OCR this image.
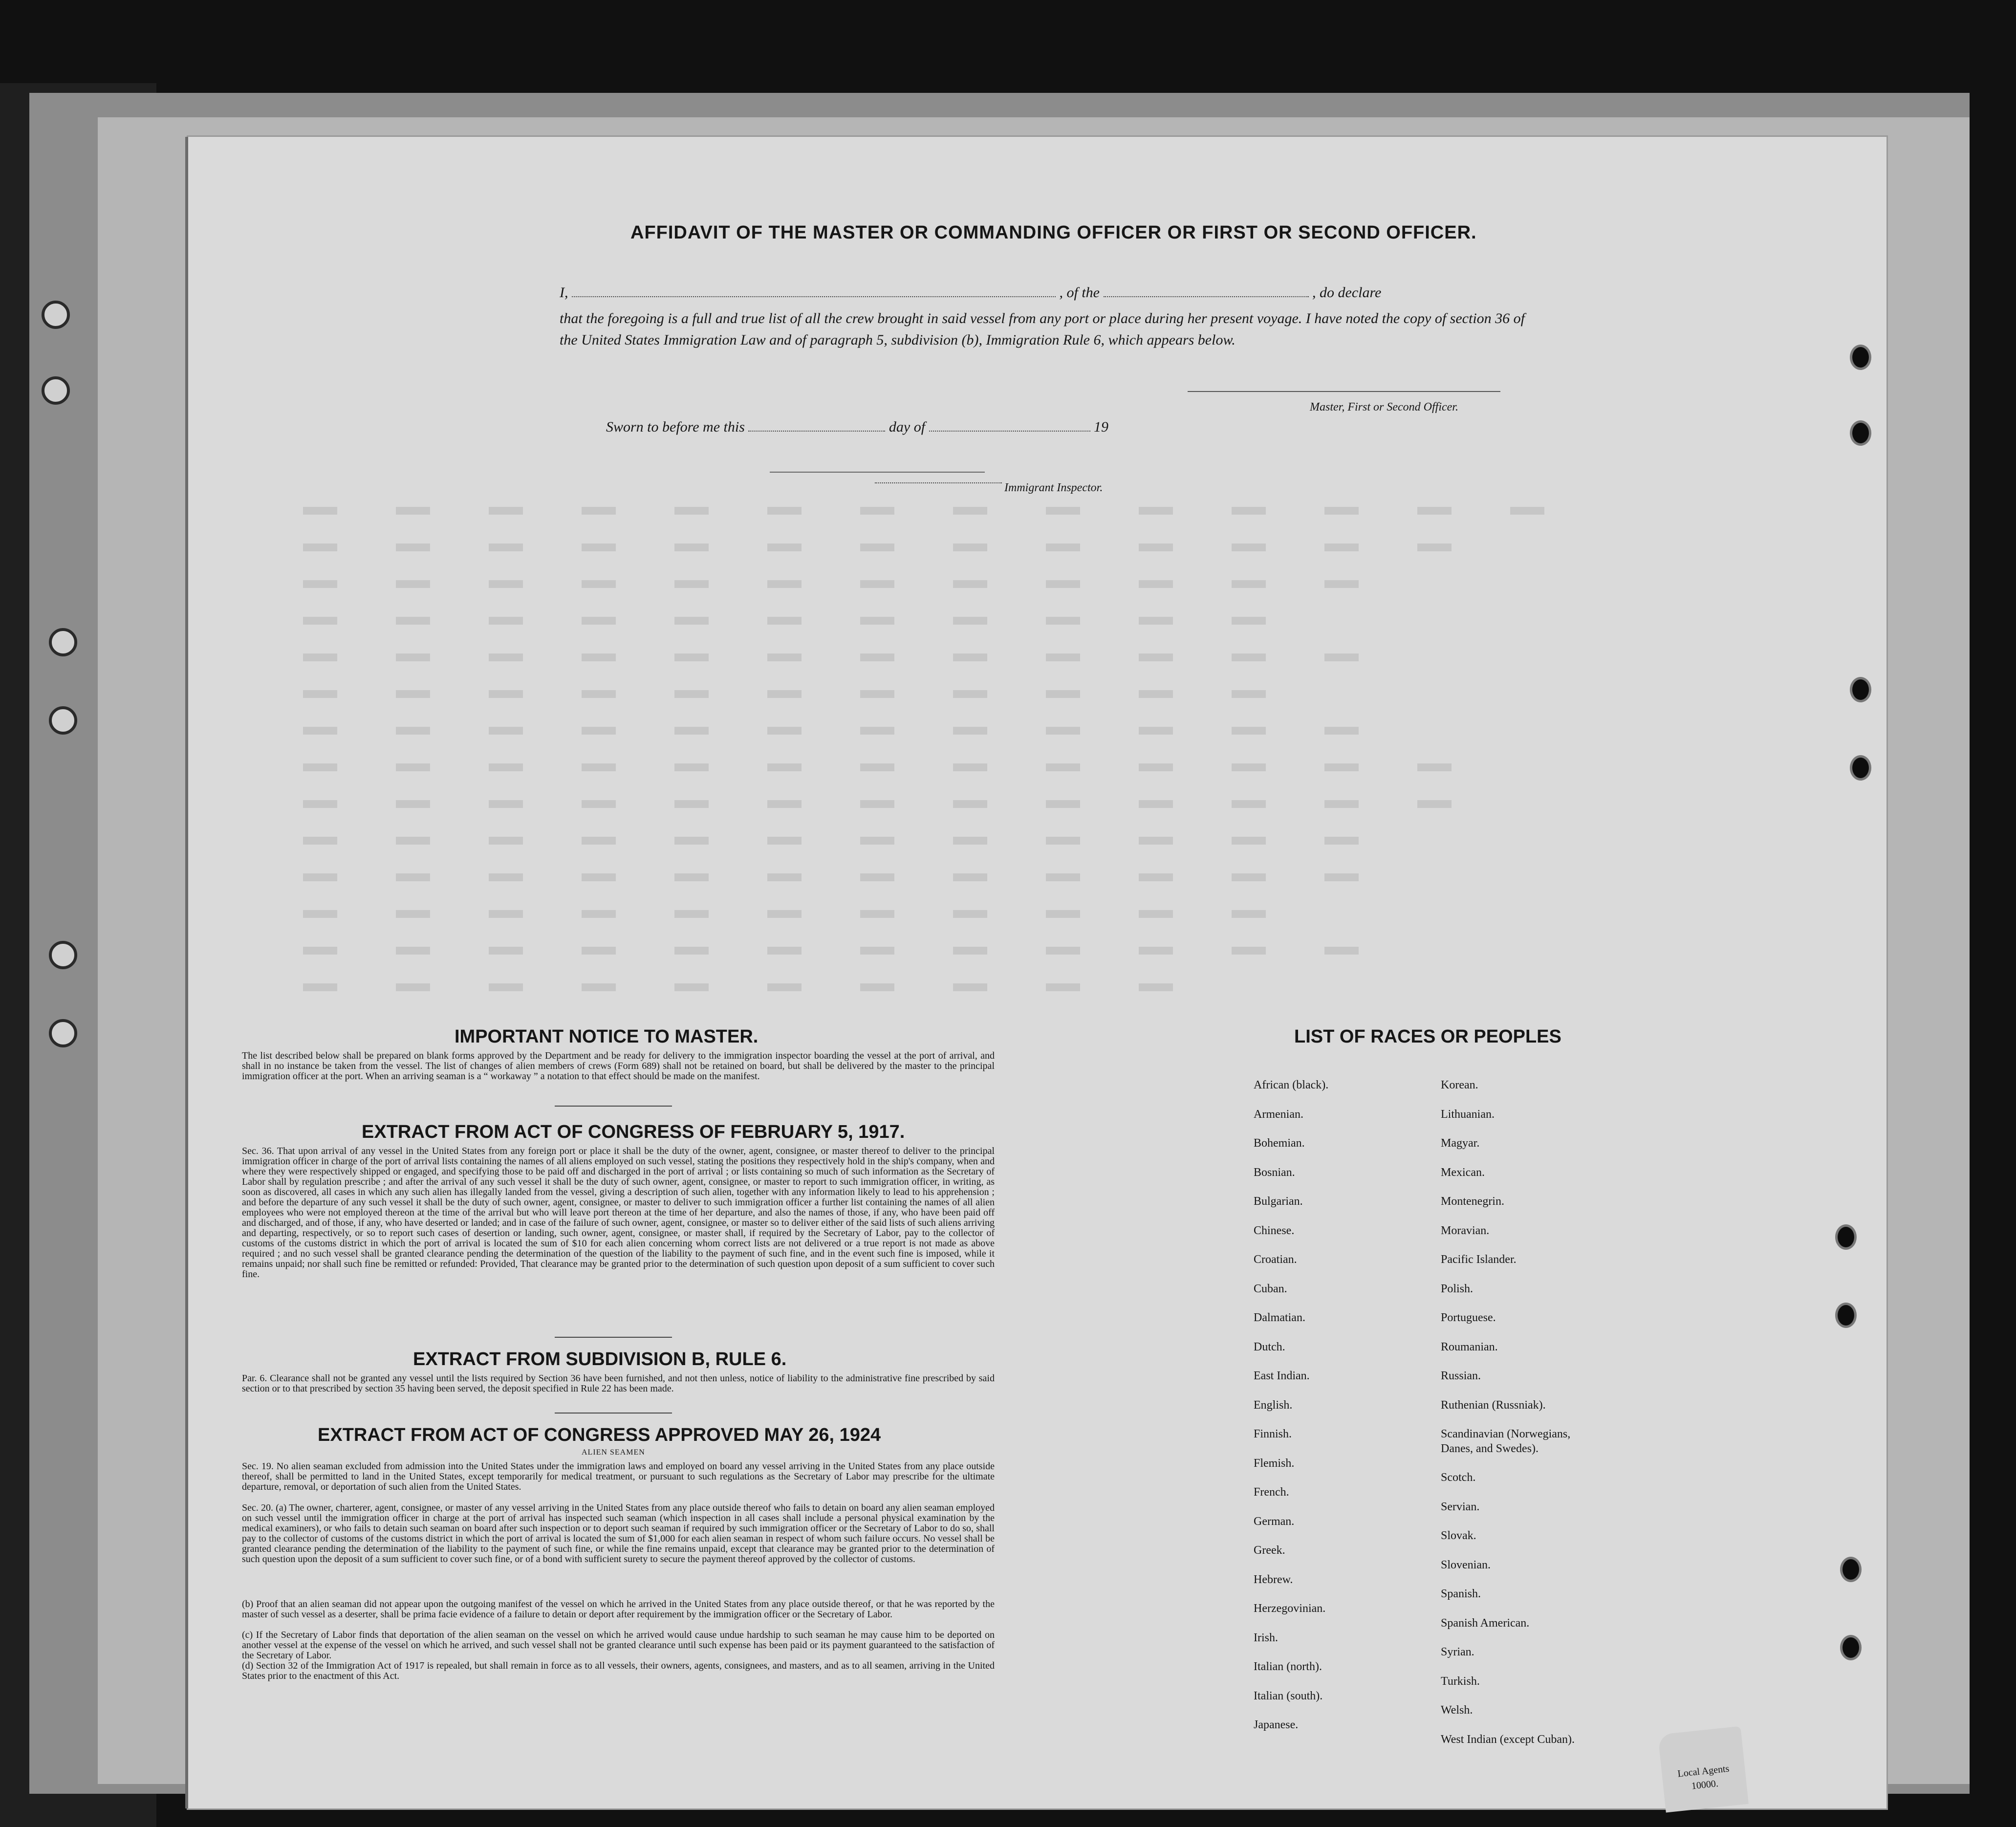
AFFIDAVIT OF THE MASTER OR COMMANDING OFFICER OR FIRST OR SECOND OFFICER.
I,	, of the	, do declare
that the foregoing is a full and true list of all the crew brought in said vessel from any port or place during her present voyage. I have noted the copy of section 36 of the United States Immigration Law and of paragraph 5, subdivision (b), Immigration Rule 6, which appears below.
Master, First or Second Officer.
Sworn to before me this	day of	19
Immigrant Inspector.
IMPORTANT NOTICE TO MASTER.
The list described below shall be prepared on blank forms approved by the Department and be ready for delivery to the immigration inspector boarding the vessel at the port of arrival, and shall in no instance be taken from the vessel. The list of changes of alien members of crews (Form 689) shall not be retained on board, but shall be delivered by the master to the principal immigration officer at the port. When an arriving seaman is a “ workaway ” a notation to that effect should be made on the manifest.
EXTRACT FROM ACT OF CONGRESS OF FEBRUARY 5, 1917.
Sec. 36. That upon arrival of any vessel in the United States from any foreign port or place it shall be the duty of the owner, agent, consignee, or master thereof to deliver to the principal immigration officer in charge of the port of arrival lists containing the names of all aliens employed on such vessel, stating the positions they respectively hold in the ship's company, when and where they were respectively shipped or engaged, and specifying those to be paid off and discharged in the port of arrival ; or lists containing so much of such information as the Secretary of Labor shall by regulation prescribe ; and after the arrival of any such vessel it shall be the duty of such owner, agent, consignee, or master to report to such immigration officer, in writing, as soon as discovered, all cases in which any such alien has illegally landed from the vessel, giving a description of such alien, together with any information likely to lead to his apprehension ; and before the departure of any such vessel it shall be the duty of such owner, agent, consignee, or master to deliver to such immigration officer a further list containing the names of all alien employees who were not employed thereon at the time of the arrival but who will leave port thereon at the time of her departure, and also the names of those, if any, who have been paid off and discharged, and of those, if any, who have deserted or landed; and in case of the failure of such owner, agent, consignee, or master so to deliver either of the said lists of such aliens arriving and departing, respectively, or so to report such cases of desertion or landing, such owner, agent, consignee, or master shall, if required by the Secretary of Labor, pay to the collector of customs of the customs district in which the port of arrival is located the sum of $10 for each alien concerning whom correct lists are not delivered or a true report is not made as above required ; and no such vessel shall be granted clearance pending the determination of the question of the liability to the payment of such fine, and in the event such fine is imposed, while it remains unpaid; nor shall such fine be remitted or refunded: Provided, That clearance may be granted prior to the determination of such question upon deposit of a sum sufficient to cover such fine.
EXTRACT FROM SUBDIVISION B, RULE 6.
Par. 6. Clearance shall not be granted any vessel until the lists required by Section 36 have been furnished, and not then unless, notice of liability to the administrative fine prescribed by said section or to that prescribed by section 35 having been served, the deposit specified in Rule 22 has been made.
EXTRACT FROM ACT OF CONGRESS APPROVED MAY 26, 1924
ALIEN SEAMEN
Sec. 19. No alien seaman excluded from admission into the United States under the immigration laws and employed on board any vessel arriving in the United States from any place outside thereof, shall be permitted to land in the United States, except temporarily for medical treatment, or pursuant to such regulations as the Secretary of Labor may prescribe for the ultimate departure, removal, or deportation of such alien from the United States.
Sec. 20. (a) The owner, charterer, agent, consignee, or master of any vessel arriving in the United States from any place outside thereof who fails to detain on board any alien seaman employed on such vessel until the immigration officer in charge at the port of arrival has inspected such seaman (which inspection in all cases shall include a personal physical examination by the medical examiners), or who fails to detain such seaman on board after such inspection or to deport such seaman if required by such immigration officer or the Secretary of Labor to do so, shall pay to the collector of customs of the customs district in which the port of arrival is located the sum of $1,000 for each alien seaman in respect of whom such failure occurs. No vessel shall be granted clearance pending the determination of the liability to the payment of such fine, or while the fine remains unpaid, except that clearance may be granted prior to the determination of such question upon the deposit of a sum sufficient to cover such fine, or of a bond with sufficient surety to secure the payment thereof approved by the collector of customs.
(b) Proof that an alien seaman did not appear upon the outgoing manifest of the vessel on which he arrived in the United States from any place outside thereof, or that he was reported by the master of such vessel as a deserter, shall be prima facie evidence of a failure to detain or deport after requirement by the immigration officer or the Secretary of Labor.
(c) If the Secretary of Labor finds that deportation of the alien seaman on the vessel on which he arrived would cause undue hardship to such seaman he may cause him to be deported on another vessel at the expense of the vessel on which he arrived, and such vessel shall not be granted clearance until such expense has been paid or its payment guaranteed to the satisfaction of the Secretary of Labor.
(d) Section 32 of the Immigration Act of 1917 is repealed, but shall remain in force as to all vessels, their owners, agents, consignees, and masters, and as to all seamen, arriving in the United States prior to the enactment of this Act.
LIST OF RACES OR PEOPLES
African (black).
Armenian.
Bohemian.
Bosnian.
Bulgarian.
Chinese.
Croatian.
Cuban.
Dalmatian.
Dutch.
East Indian.
English.
Finnish.
Flemish.
French.
German.
Greek.
Hebrew.
Herzegovinian.
Irish.
Italian (north).
Italian (south).
Japanese.
Korean.
Lithuanian.
Magyar.
Mexican.
Montenegrin.
Moravian.
Pacific Islander.
Polish.
Portuguese.
Roumanian.
Russian.
Ruthenian (Russniak).
Scandinavian (Norwegians, Danes, and Swedes).
Scotch.
Servian.
Slovak.
Slovenian.
Spanish.
Spanish American.
Syrian.
Turkish.
Welsh.
West Indian (except Cuban).
Local Agents
10000.
